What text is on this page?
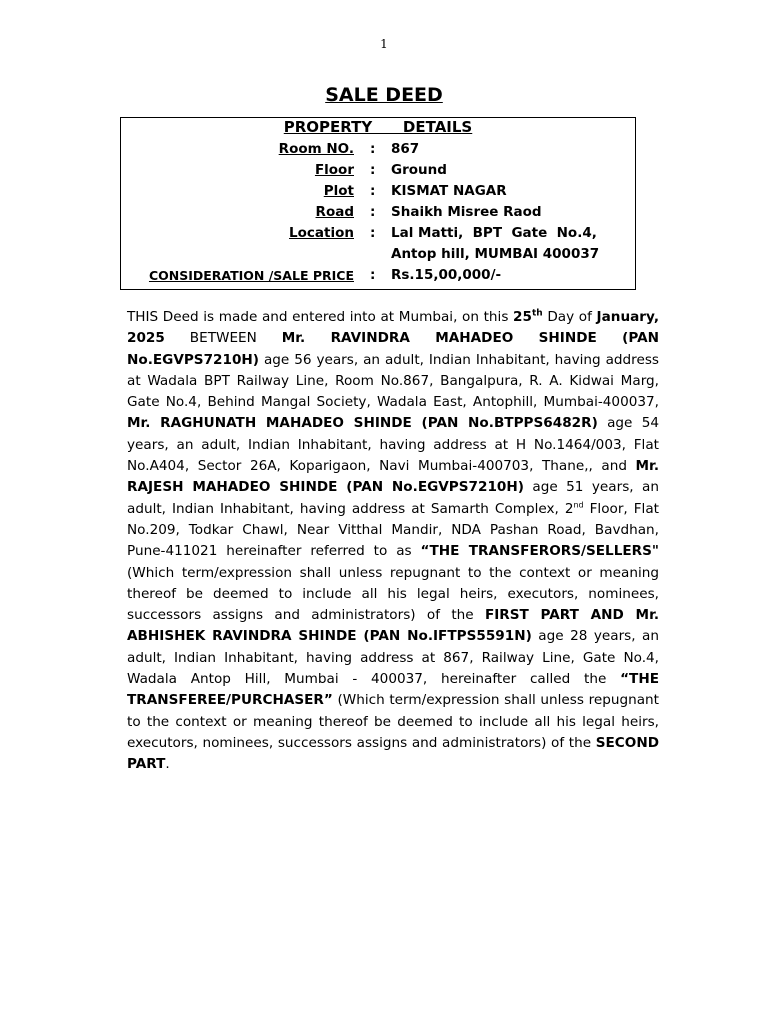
1
SALE DEED
PROPERTY   DETAILS
Room NO. : 867
Floor : Ground
Plot : KISMAT NAGAR
Road : Shaikh Misree Raod
Location : Lal Matti,  BPT  Gate  No.4,
Antop hill, MUMBAI 400037
CONSIDERATION /SALE PRICE : Rs.15,00,000/-

THIS Deed is made and entered into at Mumbai, on this 25th Day of January, 2025 BETWEEN Mr. RAVINDRA MAHADEO SHINDE (PAN No.EGVPS7210H) age 56 years, an adult, Indian Inhabitant, having address at Wadala BPT Railway Line, Room No.867, Bangalpura, R. A. Kidwai Marg, Gate No.4, Behind Mangal Society, Wadala East, Antophill, Mumbai-400037, Mr. RAGHUNATH MAHADEO SHINDE (PAN No.BTPPS6482R) age 54 years, an adult, Indian Inhabitant, having address at H No.1464/003, Flat No.A404, Sector 26A, Koparigaon, Navi Mumbai-400703, Thane,, and Mr. RAJESH MAHADEO SHINDE (PAN No.EGVPS7210H) age 51 years, an adult, Indian Inhabitant, having address at Samarth Complex, 2nd Floor, Flat No.209, Todkar Chawl, Near Vitthal Mandir, NDA Pashan Road, Bavdhan, Pune-411021 hereinafter referred to as “THE TRANSFERORS/SELLERS" (Which term/expression shall unless repugnant to the context or meaning thereof be deemed to include all his legal heirs, executors, nominees, successors assigns and administrators) of the FIRST PART AND Mr. ABHISHEK RAVINDRA SHINDE (PAN No.IFTPS5591N) age 28 years, an adult, Indian Inhabitant, having address at 867, Railway Line, Gate No.4, Wadala Antop Hill, Mumbai - 400037, hereinafter called the “THE TRANSFEREE/PURCHASER” (Which term/expression shall unless repugnant to the context or meaning thereof be deemed to include all his legal heirs, executors, nominees, successors assigns and administrators) of the SECOND PART.
